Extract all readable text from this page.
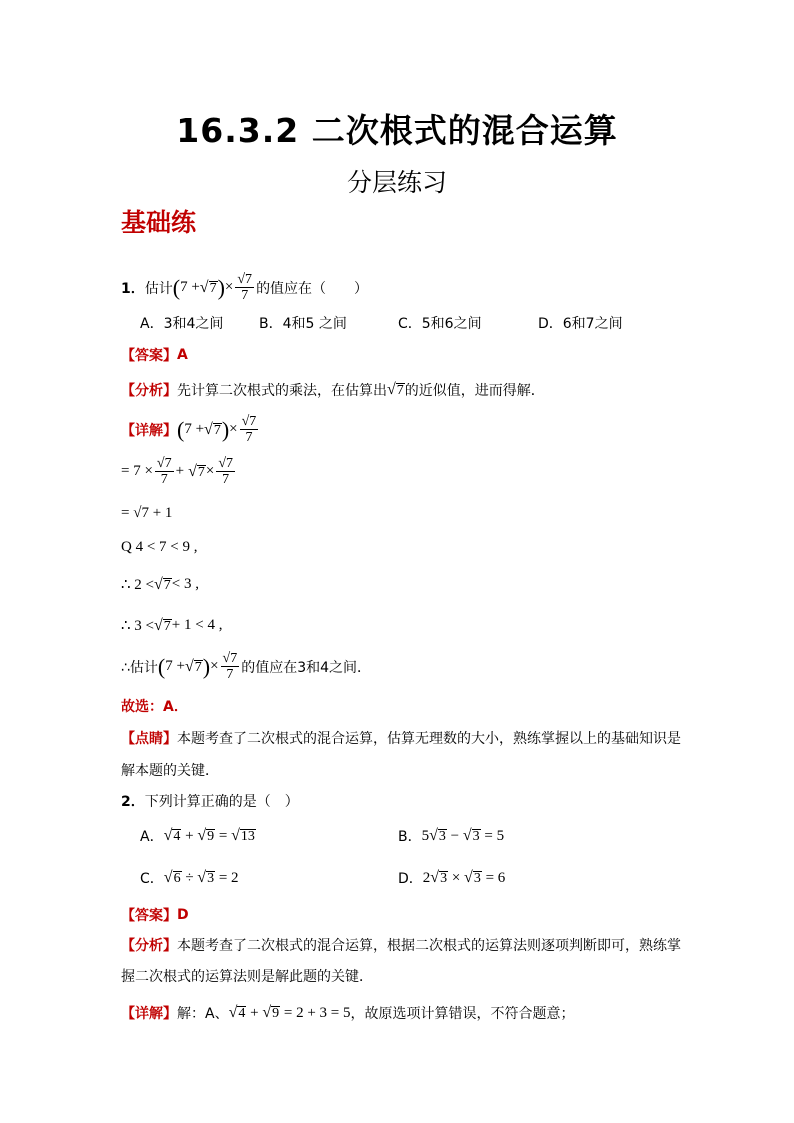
16.3.2 二次根式的混合运算
分层练习
基础练
1． 估计 ( 7 + √ 7 ) × $\frac{√7}{7}$ 的值应在（　　）
A．3和4之间	B．4和5 之间	C．5和6之间	D．6和7之间
【答案】 A
【分析】 先计算二次根式的乘法，在估算出 √ 7 的近似值，进而得解．
【详解】 ( 7 + √ 7 ) × $\frac{√7}{7}$
= $7 \times \frac{√7}{7}$ + √ $7 \times \frac{√7}{7}$
= √7 + 1
Q 4 < 7 < 9 ,
∴ 2 < √ 7 < 3 ,
∴ 3 < √ 7 + 1 < 4 ,
∴估计 ( 7 + √ 7 ) × $\frac{√7}{7}$ 的值应在3和4之间．
故选：A．
【点睛】 本题考查了二次根式的混合运算，估算无理数的大小，熟练掌握以上的基础知识是
解本题的关键．
2． 下列计算正确的是（　）
A． √ 4 + √ 9 = √ 13	B． 5 √ 3 − √ 3 = 5
C． √ 6 ÷ √ 3 = 2	D． 2 √ 3 × √ 3 = 6
【答案】 D
【分析】 本题考查了二次根式的混合运算，根据二次根式的运算法则逐项判断即可，熟练掌
握二次根式的运算法则是解此题的关键．
【详解】 解：A、 √ 4 + √ 9 = 2 + 3 = 5 ，故原选项计算错误，不符合题意；
